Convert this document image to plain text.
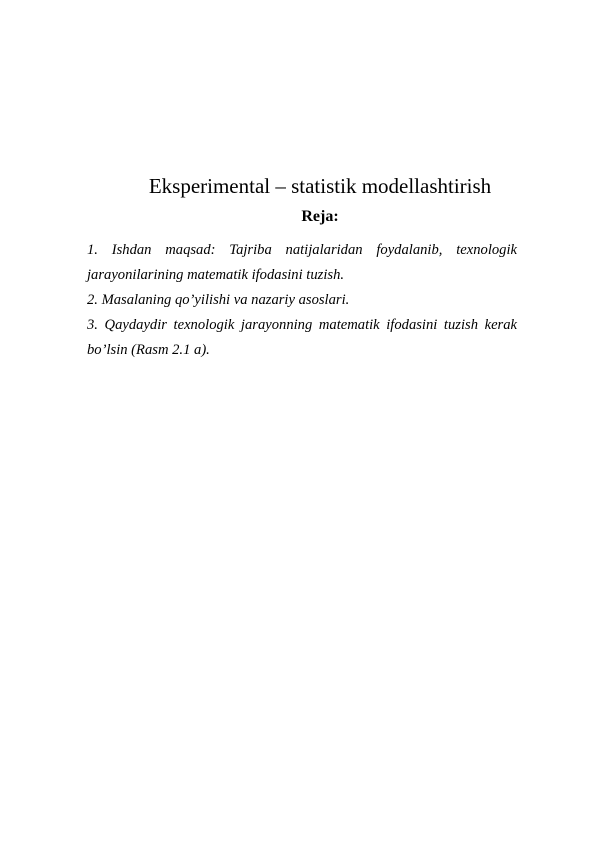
Eksperimental – statistik modellashtirish
Reja:
1. Ishdan maqsad: Tajriba natijalaridan foydalanib, texnologik jarayonilarining matematik ifodasini tuzish.
2. Masalaning qo’yilishi va nazariy asoslari.
3. Qaydaydir texnologik jarayonning matematik ifodasini tuzish kerak bo’lsin (Rasm 2.1 a).
